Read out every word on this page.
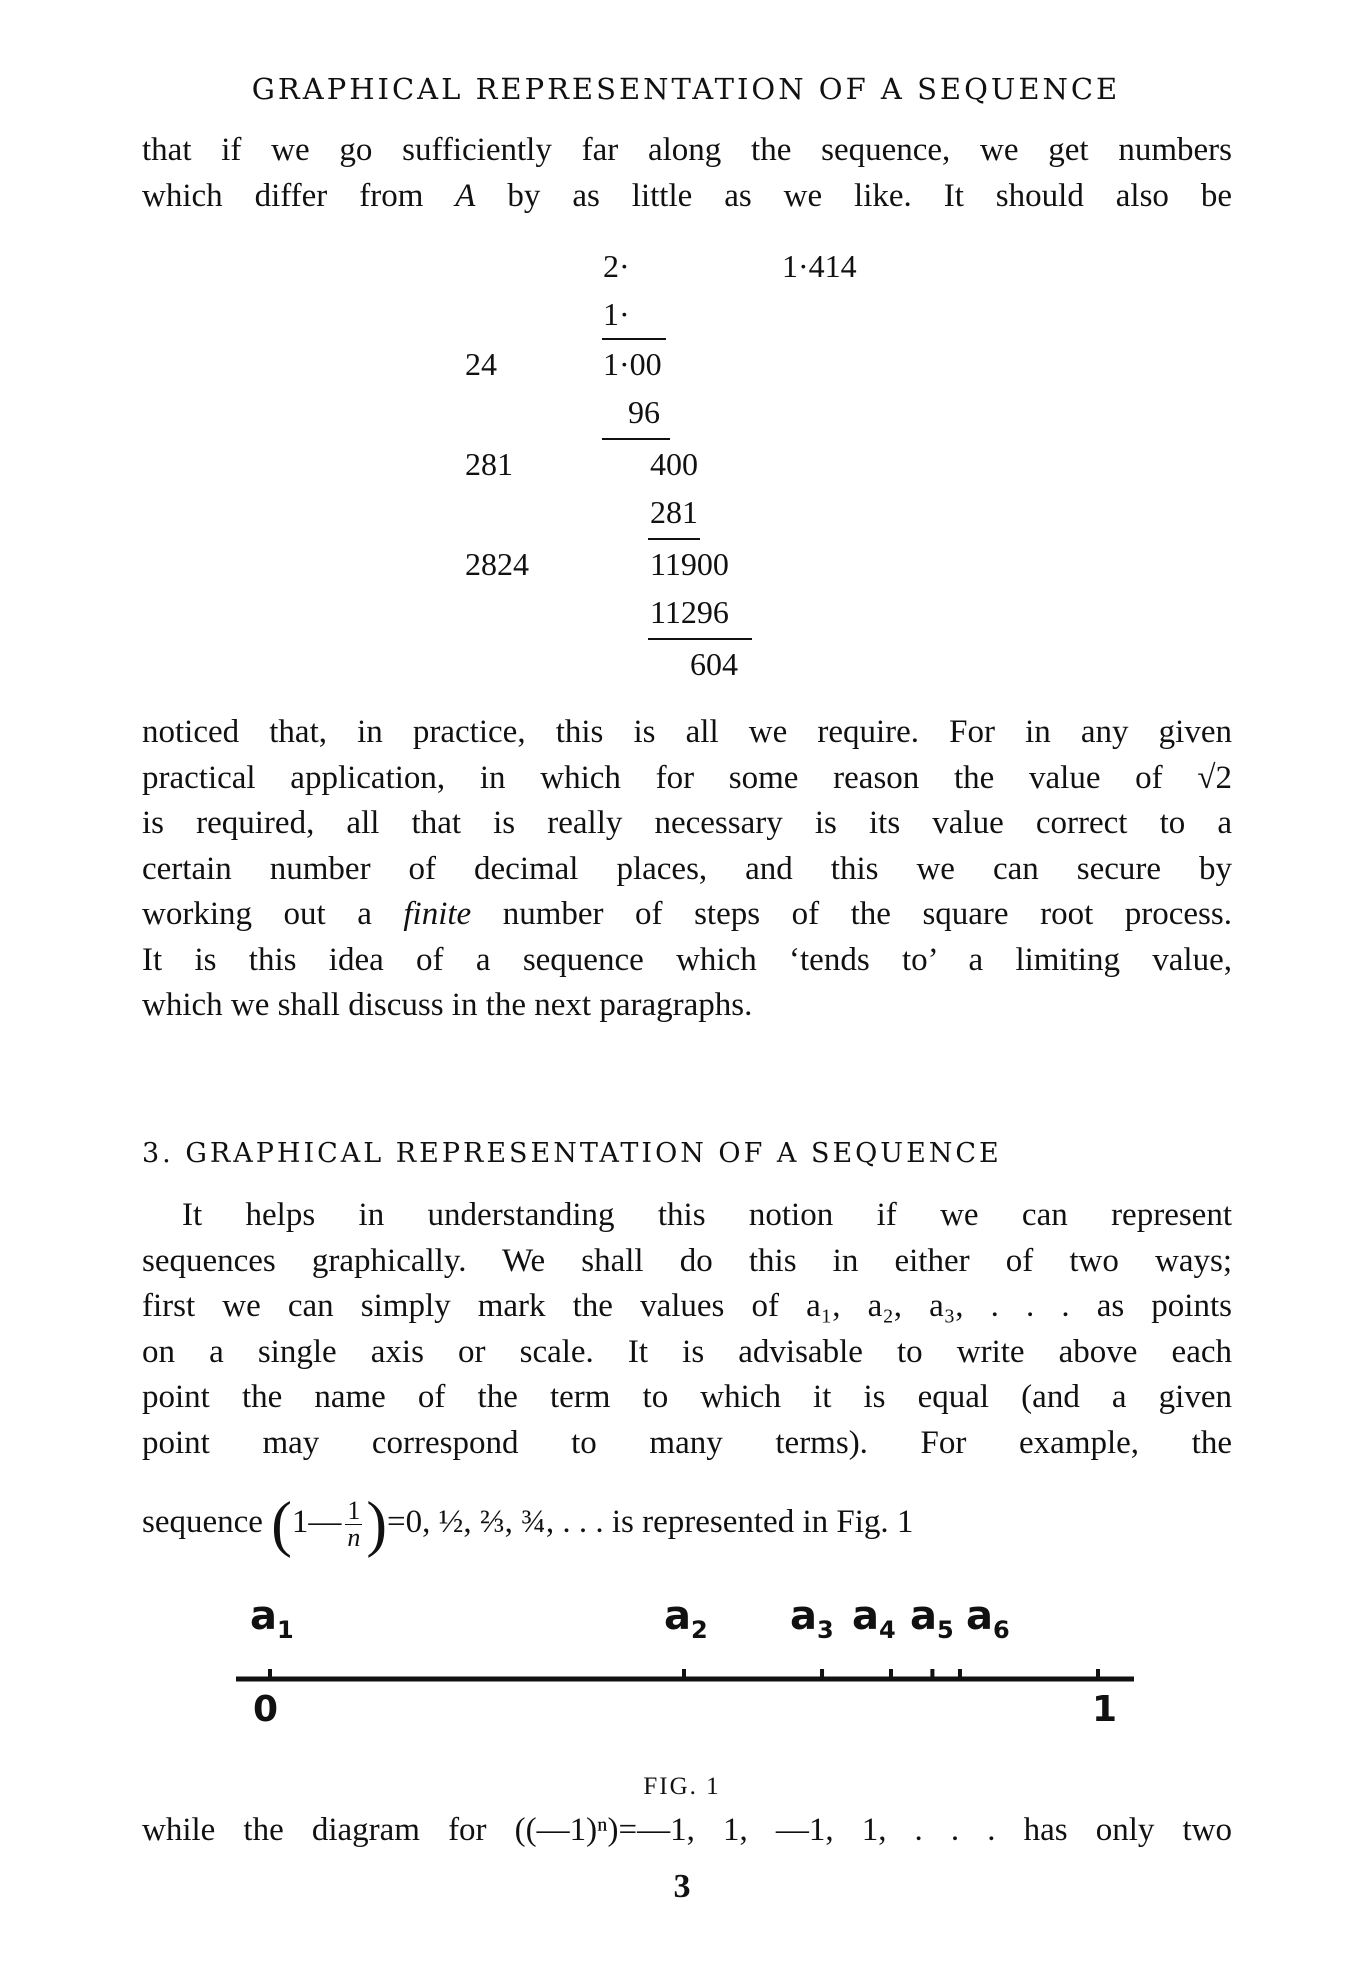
GRAPHICAL REPRESENTATION OF A SEQUENCE
that if we go sufficiently far along the sequence, we get numbers
which differ from A by as little as we like. It should also be
2·	1·414
1·
24	1·00
96
281	400
281
2824	11900
11296
604
noticed that, in practice, this is all we require. For in any given
practical application, in which for some reason the value of √2
is required, all that is really necessary is its value correct to a
certain number of decimal places, and this we can secure by
working out a finite number of steps of the square root process.
It is this idea of a sequence which ‘tends to’ a limiting value,
which we shall discuss in the next paragraphs.
3. GRAPHICAL REPRESENTATION OF A SEQUENCE
It helps in understanding this notion if we can represent
sequences graphically. We shall do this in either of two ways;
first we can simply mark the values of a₁, a₂, a₃, . . . as points
on a single axis or scale. It is advisable to write above each
point the name of the term to which it is equal (and a given
point may correspond to many terms). For example, the
sequence (1— $\frac{1}{n} )=0$, ½, ⅔, ¾, . . . is represented in Fig. 1
$a_1$	$a_2$ $a_3$ $a_4$ $a_5$ $a_6$
0	1
FIG. 1
while the diagram for ((—1)ⁿ)=—1, 1, —1, 1, . . . has only two
3
